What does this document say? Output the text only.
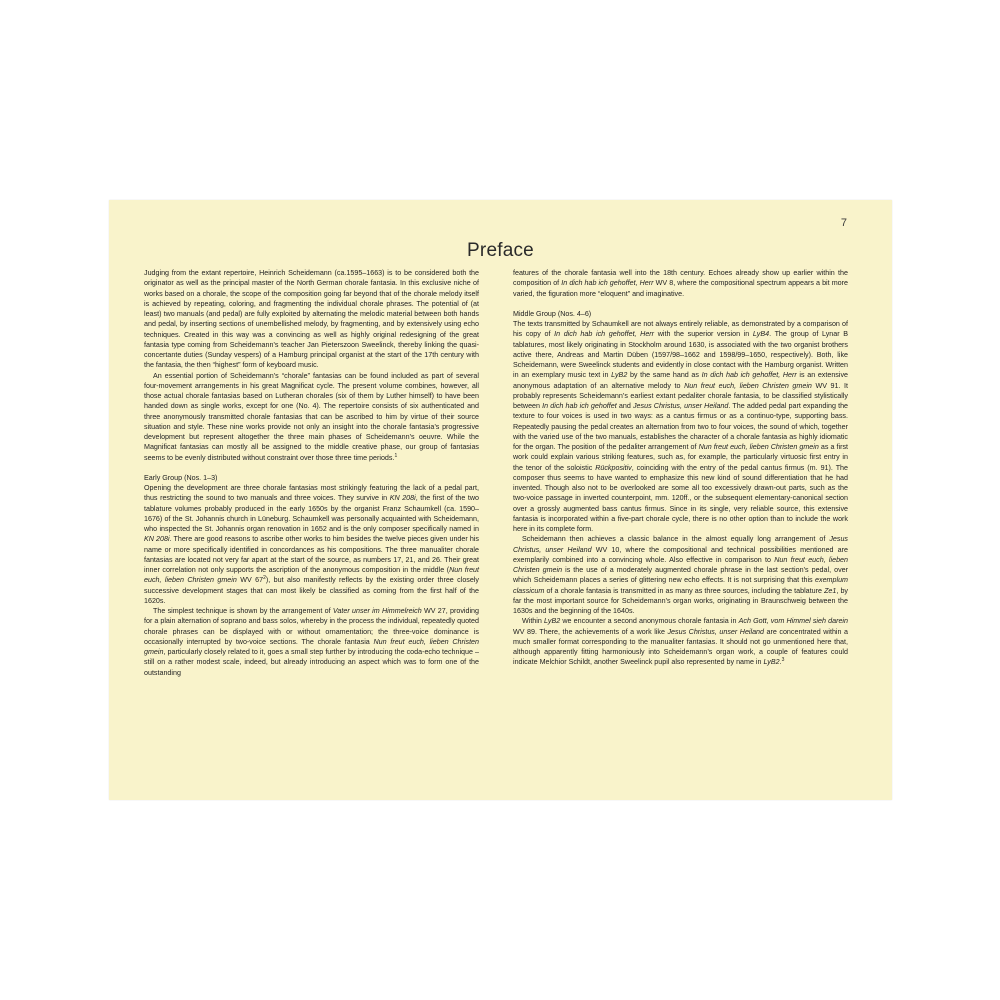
7
Preface

Judging from the extant repertoire, Heinrich Scheidemann (ca.1595–1663) is to be considered both the originator as well as the principal master of the North German chorale fantasia. In this exclusive niche of works based on a chorale, the scope of the composition going far beyond that of the chorale melody itself is achieved by repeating, coloring, and fragmenting the individual chorale phrases. The potential of (at least) two manuals (and pedal) are fully exploited by alternating the melodic material between both hands and pedal, by inserting sections of unembellished melody, by fragmenting, and by extensively using echo techniques. Created in this way was a convincing as well as highly original redesigning of the great fantasia type coming from Scheidemann’s teacher Jan Pieterszoon Sweelinck, thereby linking the quasi-concertante duties (Sunday vespers) of a Hamburg principal organist at the start of the 17th century with the fantasia, the then “highest” form of keyboard music.

An essential portion of Scheidemann’s “chorale” fantasias can be found included as part of several four-movement arrangements in his great Magnificat cycle. The present volume combines, however, all those actual chorale fantasias based on Lutheran chorales (six of them by Luther himself) to have been handed down as single works, except for one (No. 4). The repertoire consists of six authenticated and three anonymously transmitted chorale fantasias that can be ascribed to him by virtue of their source situation and style. These nine works provide not only an insight into the chorale fantasia’s progressive development but represent altogether the three main phases of Scheidemann’s oeuvre. While the Magnificat fantasias can mostly all be assigned to the middle creative phase, our group of fantasias seems to be evenly distributed without constraint over those three time periods.$^1$

Early Group (Nos. 1–3)

Opening the development are three chorale fantasias most strikingly featuring the lack of a pedal part, thus restricting the sound to two manuals and three voices. They survive in KN 208i, the first of the two tablature volumes probably produced in the early 1650s by the organist Franz Schaumkell (ca. 1590–1676) of the St. Johannis church in Lüneburg. Schaumkell was personally acquainted with Scheidemann, who inspected the St. Johannis organ renovation in 1652 and is the only composer specifically named in KN 208i. There are good reasons to ascribe other works to him besides the twelve pieces given under his name or more specifically identified in concordances as his compositions. The three manualiter chorale fantasias are located not very far apart at the start of the source, as numbers 17, 21, and 26. Their great inner correlation not only supports the ascription of the anonymous composition in the middle (Nun freut euch, lieben Christen gmein WV $67^2$), but also manifestly reflects by the existing order three closely successive development stages that can most likely be classified as coming from the first half of the 1620s.

The simplest technique is shown by the arrangement of Vater unser im Himmelreich WV 27, providing for a plain alternation of soprano and bass solos, whereby in the process the individual, repeatedly quoted chorale phrases can be displayed with or without ornamentation; the three-voice dominance is occasionally interrupted by two-voice sections. The chorale fantasia Nun freut euch, lieben Christen gmein, particularly closely related to it, goes a small step further by introducing the coda-echo technique – still on a rather modest scale, indeed, but already introducing an aspect which was to form one of the outstanding

features of the chorale fantasia well into the 18th century. Echoes already show up earlier within the composition of In dich hab ich gehoffet, Herr WV 8, where the compositional spectrum appears a bit more varied, the figuration more “eloquent” and imaginative.

Middle Group (Nos. 4–6)

The texts transmitted by Schaumkell are not always entirely reliable, as demonstrated by a comparison of his copy of In dich hab ich gehoffet, Herr with the superior version in LyB4. The group of Lynar B tablatures, most likely originating in Stockholm around 1630, is associated with the two organist brothers active there, Andreas and Martin Düben (1597/98–1662 and 1598/99–1650, respectively). Both, like Scheidemann, were Sweelinck students and evidently in close contact with the Hamburg organist. Written in an exemplary music text in LyB2 by the same hand as In dich hab ich gehoffet, Herr is an extensive anonymous adaptation of an alternative melody to Nun freut euch, lieben Christen gmein WV 91. It probably represents Scheidemann’s earliest extant pedaliter chorale fantasia, to be classified stylistically between In dich hab ich gehoffet and Jesus Christus, unser Heiland. The added pedal part expanding the texture to four voices is used in two ways: as a cantus firmus or as a continuo-type, supporting bass. Repeatedly pausing the pedal creates an alternation from two to four voices, the sound of which, together with the varied use of the two manuals, establishes the character of a chorale fantasia as highly idiomatic for the organ. The position of the pedaliter arrangement of Nun freut euch, lieben Christen gmein as a first work could explain various striking features, such as, for example, the particularly virtuosic first entry in the tenor of the soloistic Rückpositiv, coinciding with the entry of the pedal cantus firmus (m. 91). The composer thus seems to have wanted to emphasize this new kind of sound differentiation that he had invented. Though also not to be overlooked are some all too excessively drawn-out parts, such as the two-voice passage in inverted counterpoint, mm. 120ff., or the subsequent elementary-canonical section over a grossly augmented bass cantus firmus. Since in its single, very reliable source, this extensive fantasia is incorporated within a five-part chorale cycle, there is no other option than to include the work here in its complete form.

Scheidemann then achieves a classic balance in the almost equally long arrangement of Jesus Christus, unser Heiland WV 10, where the compositional and technical possibilities mentioned are exemplarily combined into a convincing whole. Also effective in comparison to Nun freut euch, lieben Christen gmein is the use of a moderately augmented chorale phrase in the last section’s pedal, over which Scheidemann places a series of glittering new echo effects. It is not surprising that this exemplum classicum of a chorale fantasia is transmitted in as many as three sources, including the tablature Ze1, by far the most important source for Scheidemann’s organ works, originating in Braunschweig between the 1630s and the beginning of the 1640s.

Within LyB2 we encounter a second anonymous chorale fantasia in Ach Gott, vom Himmel sieh darein WV 89. There, the achievements of a work like Jesus Christus, unser Heiland are concentrated within a much smaller format corresponding to the manualiter fantasias. It should not go unmentioned here that, although apparently fitting harmoniously into Scheidemann’s organ work, a couple of features could indicate Melchior Schildt, another Sweelinck pupil also represented by name in LyB2.$^3$
